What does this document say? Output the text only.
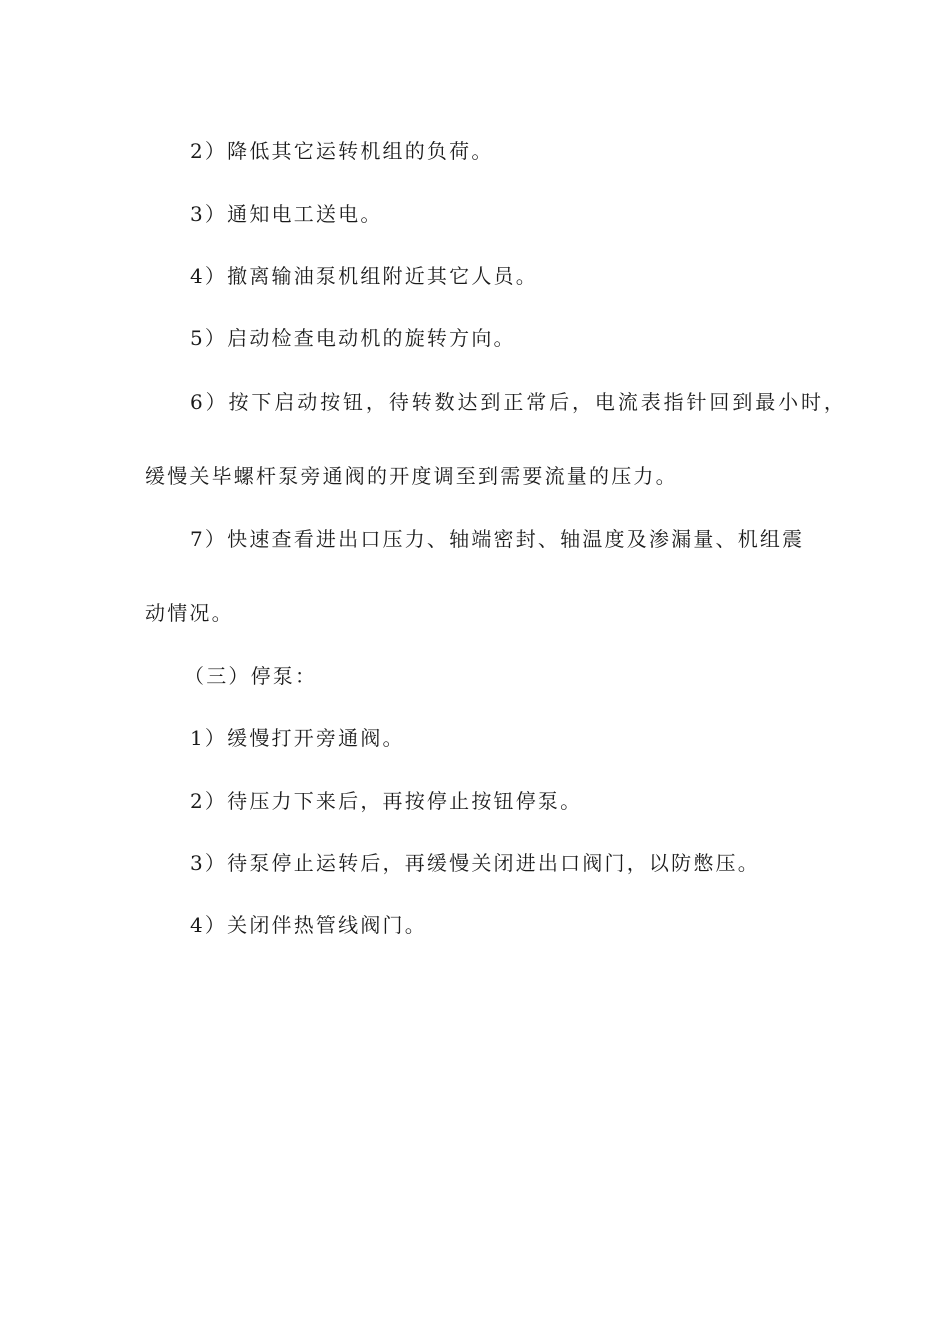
2）降低其它运转机组的负荷。
3）通知电工送电。
4）撤离输油泵机组附近其它人员。
5）启动检查电动机的旋转方向。
6）按下启动按钮，待转数达到正常后，电流表指针回到最小时，
缓慢关毕螺杆泵旁通阀的开度调至到需要流量的压力。
7）快速查看进出口压力、轴端密封、轴温度及渗漏量、机组震
动情况。
（三）停泵：
1）缓慢打开旁通阀。
2）待压力下来后，再按停止按钮停泵。
3）待泵停止运转后，再缓慢关闭进出口阀门，以防憋压。
4）关闭伴热管线阀门。
